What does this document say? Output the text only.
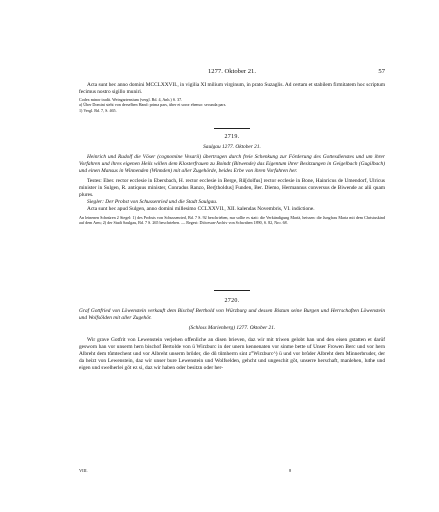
1277. Oktober 21.	57

Acta sunt hec anno domini MCCLXXVII., in vigilia XI milium virginum, in prato Suzaglis. Ad certam et stabilem firmitatem hoc scriptum fecimus nostro sigillo muniri.

Codex minor tradit. Weingartensium (vergl. Bd. 4, Anh.) S. 37.

a) Über Domini steht von derselben Hand: prima pars, über et soror ebenso: secunda pars.

1) Vergl. Bd. 7, S. 465.

2719.

Saulgau 1277. Oktober 21.

Heinrich und Rudolf die Vöser (cognomine Vesarii) übertragen durch freie Schenkung zur Förderung des Gottesdienstes und um ihrer Vorfahren und ihres eigenen Heils willen dem Klosterfrauen zu Boindt (Bitwende) das Eigentum ihrer Besitzungen in Geigelbach (Gugilbach) und einen Mansus in Winnenden (Winnden) mit aller Zugehörde, beides Erbe von ihren Vorfahren her.

Testes: Eber. rector ecclesie in Ebersbach, H. rector ecclesie in Berge, Rů[dolfus] rector ecclesie in Bone, Hainricus de Umendorf, Ulricus minister in Sulgen, R. antiquus minister, Conradus Ranzo, Ber[tholdus] Funden, Ber. Diemo, Hermannus conversus de Biwende ac alii quam plures.

Siegler: Der Probst von Schussenried und die Stadt Saulgau.

Acta sunt hec apud Sulgen, anno domini millesimo CCLXXVII., XII. kalendas Novembris, VI. indictione.

An leinenen Schnüren 2 Siegel: 1) des Probsts von Schussenried, Bd. 7 S. 92 beschrieben, nur sollte es statt: die Verkündigung Mariä, heissen: die Jungfrau Maria mit dem Christuskind auf dem Arm; 2) der Stadt Saulgau, Bd. 7 S. 265 beschrieben. — Regest: Diöcesan-Archiv von Schwaben 1890, S. 82, Nro. 68.

2720.

Graf Gottfried von Löwenstein verkauft dem Bischof Berthold von Würzburg und dessen Bistum seine Burgen und Herrschaften Löwenstein und Wolfsölden mit aller Zugehör.

(Schloss Marienberg) 1277. Oktober 21.

Wir grave Gotfrit von Lewenstein verjehen offenliche an disen brieven, daz wir mit triwen gelobt han und den eisen gstatten et darüf gesworn han vor unserm hern bischof Bertolde von ü Wirzburc in der unern kennenaten vor sinme bette uf Unser Frowen Berc und vor hern Albreht dem tůmtechent und vor Albreht unserm brůder, die dů tůmherrn sint z°Wirzburc^) ü und vor brůder Albreht dem Minnerbruder, der da heizt von Lewenstein, daz wir unser bure Lewenstein und Wolfselden, gehcht und ungeschit göt, unserre herschaft, manlehen, luthe und eigen und swelherlei göt ez si, daz wir haben oder besitzn oder her-

VIII.	8
